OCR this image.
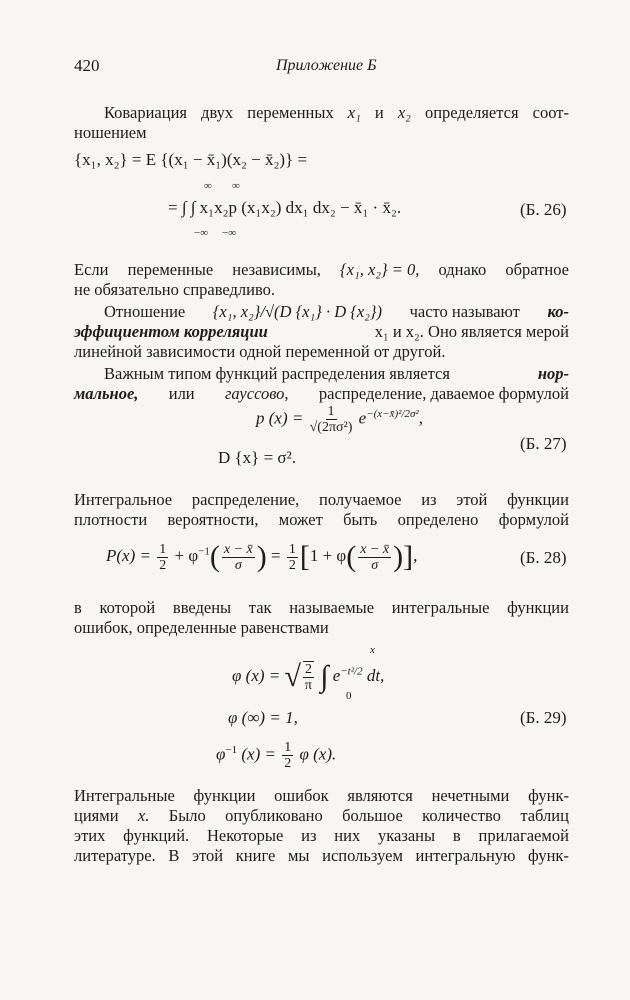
420	Приложение Б
Ковариация двух переменных x₁ и x₂ определяется соот-
ношением
{x₁, x₂} = E {(x₁ − x̄₁)(x₂ − x̄₂)} =
∞ ∞
= ∫ ∫ x₁x₂p (x₁x₂) dx₁ dx₂ − x̄₁ · x̄₂.
−∞ −∞
(Б. 26)
Если переменные независимы, {x₁, x₂} = 0, однако обратное
не обязательно справедливо.
Отношение {x₁, x₂}/√(D {x₁} · D {x₂}) часто называют ко-
эффициентом корреляции	x₁ и x₂. Оно является мерой
линейной зависимости одной переменной от другой.
Важным типом функций распределения является	нор-
мальное, или гауссово, распределение, даваемое формулой
p $(x) = \frac{1}{\text{√(2πσ²)}} e^{-(x-x̄)^2/2\sigma^2}$,
D {x} = σ².
(Б. 27)
Интегральное распределение, получаемое из этой функции
плотности вероятности, может быть определено формулой
$P(x) = \frac{1}{2} + \varphi^{-1}( \frac{x - x̄}{\sigma}$ ) = $\frac{1}{2} [1 + \varphi( \frac{x - x̄}{\sigma}$ )],	(Б. 28)
в которой введены так называемые интегральные функции
ошибок, определенные равенствами
x
φ (x) = √ $\frac{2}{\pi}$ ∫ $e^{-t^2/2}$ dt,
0
φ (∞) = 1,
$\varphi^{-1}$ $(x) = \frac{1}{2}$ φ (x).
(Б. 29)
Интегральные функции ошибок являются нечетными функ-
циями x. Было опубликовано большое количество таблиц
этих функций. Некоторые из них указаны в прилагаемой
литературе. В этой книге мы используем интегральную функ-
